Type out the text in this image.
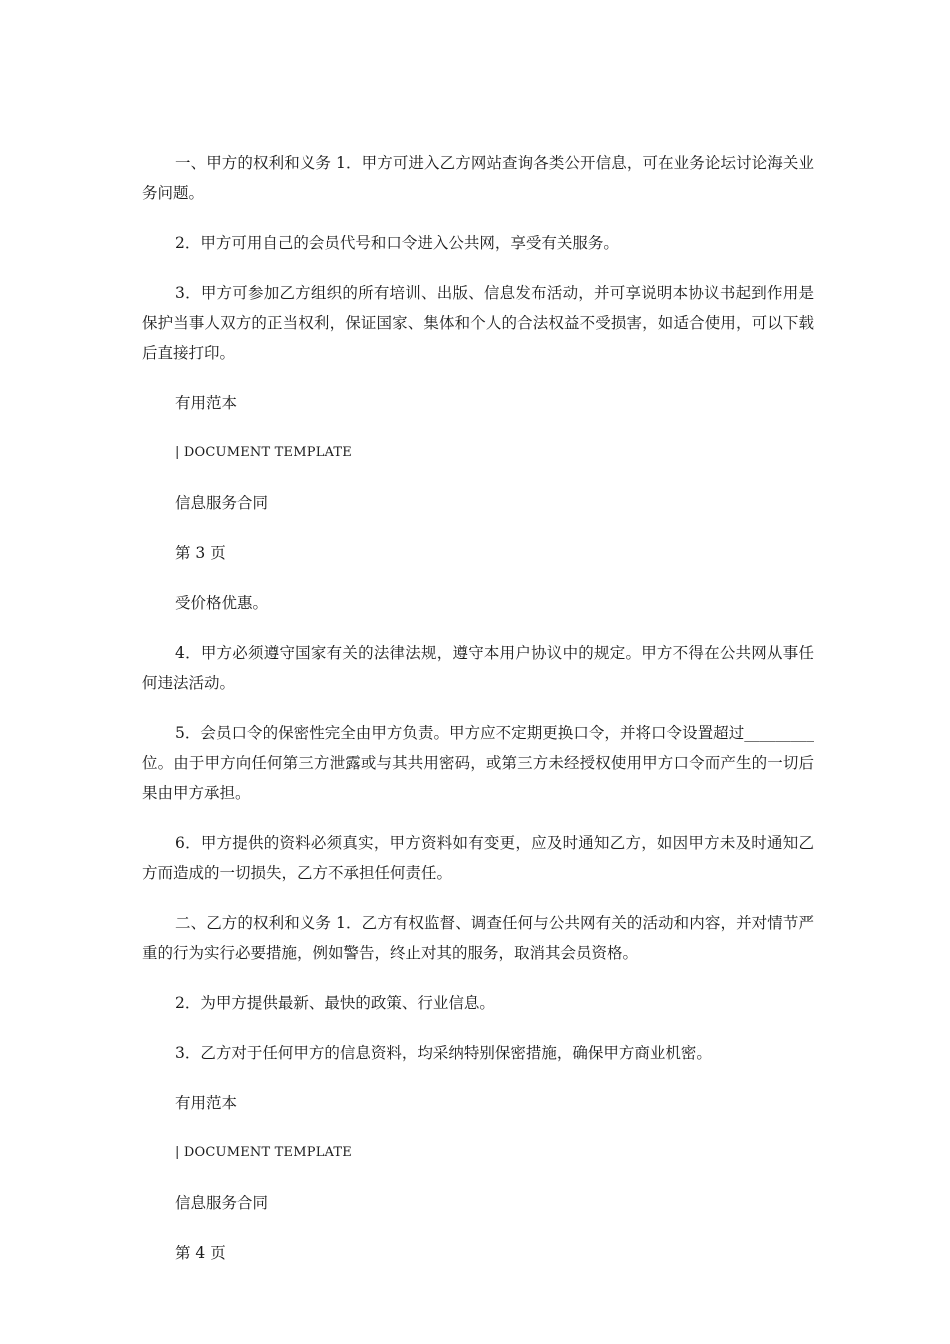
一、甲方的权利和义务 1．甲方可进入乙方网站查询各类公开信息，可在业务论坛讨论海关业务问题。

2．甲方可用自己的会员代号和口令进入公共网，享受有关服务。

3．甲方可参加乙方组织的所有培训、出版、信息发布活动，并可享说明本协议书起到作用是保护当事人双方的正当权利，保证国家、集体和个人的合法权益不受损害，如适合使用，可以下载后直接打印。

有用范本
| DOCUMENT TEMPLATE
信息服务合同
第 3 页
受价格优惠。

4．甲方必须遵守国家有关的法律法规，遵守本用户协议中的规定。甲方不得在公共网从事任何违法活动。

5．会员口令的保密性完全由甲方负责。甲方应不定期更换口令，并将口令设置超过_________位。由于甲方向任何第三方泄露或与其共用密码，或第三方未经授权使用甲方口令而产生的一切后果由甲方承担。

6．甲方提供的资料必须真实，甲方资料如有变更，应及时通知乙方，如因甲方未及时通知乙方而造成的一切损失，乙方不承担任何责任。

二、乙方的权利和义务 1．乙方有权监督、调查任何与公共网有关的活动和内容，并对情节严重的行为实行必要措施，例如警告，终止对其的服务，取消其会员资格。

2．为甲方提供最新、最快的政策、行业信息。

3．乙方对于任何甲方的信息资料，均采纳特别保密措施，确保甲方商业机密。

有用范本
| DOCUMENT TEMPLATE
信息服务合同
第 4 页
